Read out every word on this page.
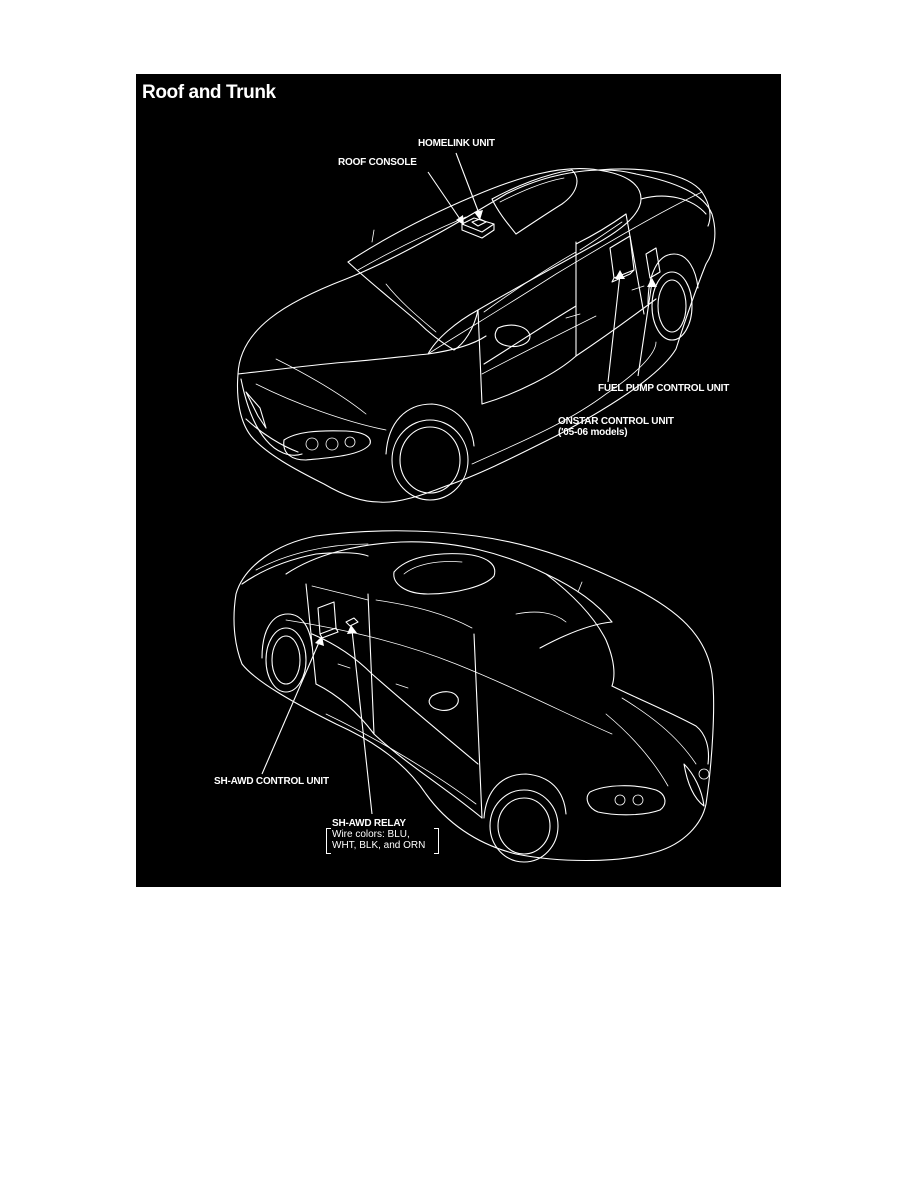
Roof and Trunk
HOMELINK UNIT
ROOF CONSOLE
FUEL PUMP CONTROL UNIT
ONSTAR CONTROL UNIT
('05-06 models)
SH-AWD CONTROL UNIT
SH-AWD RELAY
Wire colors: BLU,
WHT, BLK, and ORN
